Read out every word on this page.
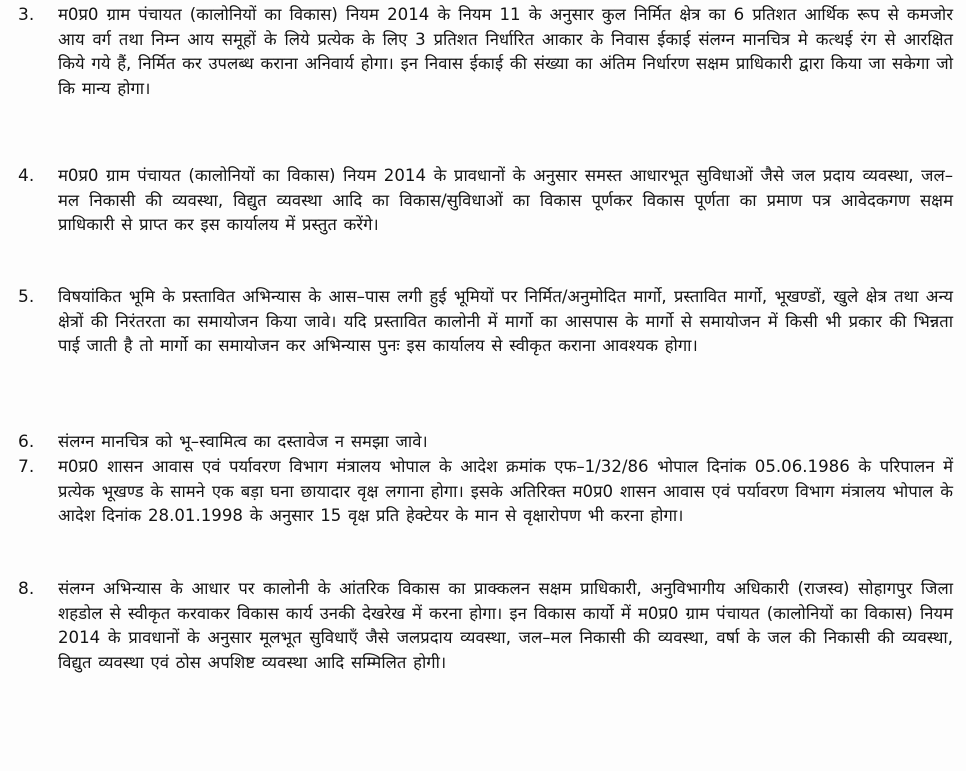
3.	म0प्र0 ग्राम पंचायत (कालोनियों का विकास) नियम 2014 के नियम 11 के अनुसार कुल निर्मित क्षेत्र का 6 प्रतिशत आर्थिक रूप से कमजोर आय वर्ग तथा निम्न आय समूहों के लिये प्रत्येक के लिए 3 प्रतिशत निर्धारित आकार के निवास ईकाई संलग्न मानचित्र मे कत्थई रंग से आरक्षित किये गये हैं, निर्मित कर उपलब्ध कराना अनिवार्य होगा। इन निवास ईकाई की संख्या का अंतिम निर्धारण सक्षम प्राधिकारी द्वारा किया जा सकेगा जो कि मान्य होगा।
4.	म0प्र0 ग्राम पंचायत (कालोनियों का विकास) नियम 2014 के प्रावधानों के अनुसार समस्त आधारभूत सुविधाओं जैसे जल प्रदाय व्यवस्था, जल–मल निकासी की व्यवस्था, विद्युत व्यवस्था आदि का विकास/सुविधाओं का विकास पूर्णकर विकास पूर्णता का प्रमाण पत्र आवेदकगण सक्षम प्राधिकारी से प्राप्त कर इस कार्यालय में प्रस्तुत करेंगे।
5.	विषयांकित भूमि के प्रस्तावित अभिन्यास के आस–पास लगी हुई भूमियों पर निर्मित/अनुमोदित मार्गो, प्रस्तावित मार्गो, भूखण्डों, खुले क्षेत्र तथा अन्य क्षेत्रों की निरंतरता का समायोजन किया जावे। यदि प्रस्तावित कालोनी में मार्गो का आसपास के मार्गो से समायोजन में किसी भी प्रकार की भिन्नता पाई जाती है तो मार्गो का समायोजन कर अभिन्यास पुनः इस कार्यालय से स्वीकृत कराना आवश्यक होगा।
6.	संलग्न मानचित्र को भू–स्वामित्व का दस्तावेज न समझा जावे।
7.	म0प्र0 शासन आवास एवं पर्यावरण विभाग मंत्रालय भोपाल के आदेश क्रमांक एफ–1/32/86 भोपाल दिनांक 05.06.1986 के परिपालन में प्रत्येक भूखण्ड के सामने एक बड़ा घना छायादार वृक्ष लगाना होगा। इसके अतिरिक्त म0प्र0 शासन आवास एवं पर्यावरण विभाग मंत्रालय भोपाल के आदेश दिनांक 28.01.1998 के अनुसार 15 वृक्ष प्रति हेक्टेयर के मान से वृक्षारोपण भी करना होगा।
8.	संलग्न अभिन्यास के आधार पर कालोनी के आंतरिक विकास का प्राक्कलन सक्षम प्राधिकारी, अनुविभागीय अधिकारी (राजस्व) सोहागपुर जिला शहडोल से स्वीकृत करवाकर विकास कार्य उनकी देखरेख में करना होगा। इन विकास कार्यो में म0प्र0 ग्राम पंचायत (कालोनियों का विकास) नियम 2014 के प्रावधानों के अनुसार मूलभूत सुविधाएँ जैसे जलप्रदाय व्यवस्था, जल–मल निकासी की व्यवस्था, वर्षा के जल की निकासी की व्यवस्था, विद्युत व्यवस्था एवं ठोस अपशिष्ट व्यवस्था आदि सम्मिलित होगी।
